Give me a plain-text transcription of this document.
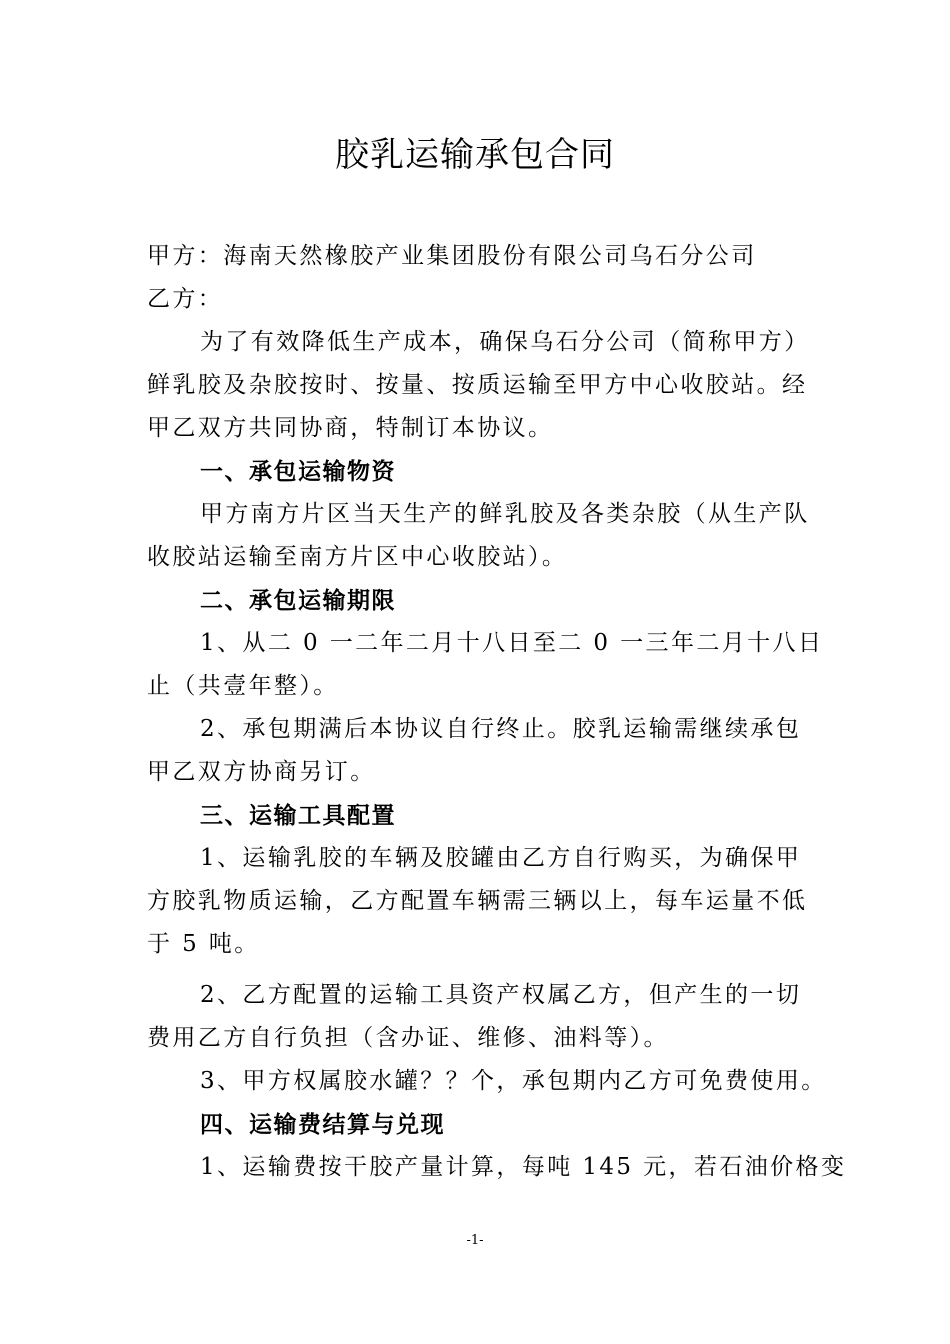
胶乳运输承包合同
甲方：海南天然橡胶产业集团股份有限公司乌石分公司
乙方：
为了有效降低生产成本，确保乌石分公司（简称甲方）
鲜乳胶及杂胶按时、按量、按质运输至甲方中心收胶站。经
甲乙双方共同协商，特制订本协议。
一、承包运输物资
甲方南方片区当天生产的鲜乳胶及各类杂胶（从生产队
收胶站运输至南方片区中心收胶站）。
二、承包运输期限
1、从二 0 一二年二月十八日至二 0 一三年二月十八日
止（共壹年整）。
2、承包期满后本协议自行终止。胶乳运输需继续承包
甲乙双方协商另订。
三、运输工具配置
1、运输乳胶的车辆及胶罐由乙方自行购买，为确保甲
方胶乳物质运输，乙方配置车辆需三辆以上，每车运量不低
于 5 吨。
2、乙方配置的运输工具资产权属乙方，但产生的一切
费用乙方自行负担（含办证、维修、油料等）。
3、甲方权属胶水罐？？个，承包期内乙方可免费使用。
四、运输费结算与兑现
1、运输费按干胶产量计算，每吨 145 元，若石油价格变
-1-
